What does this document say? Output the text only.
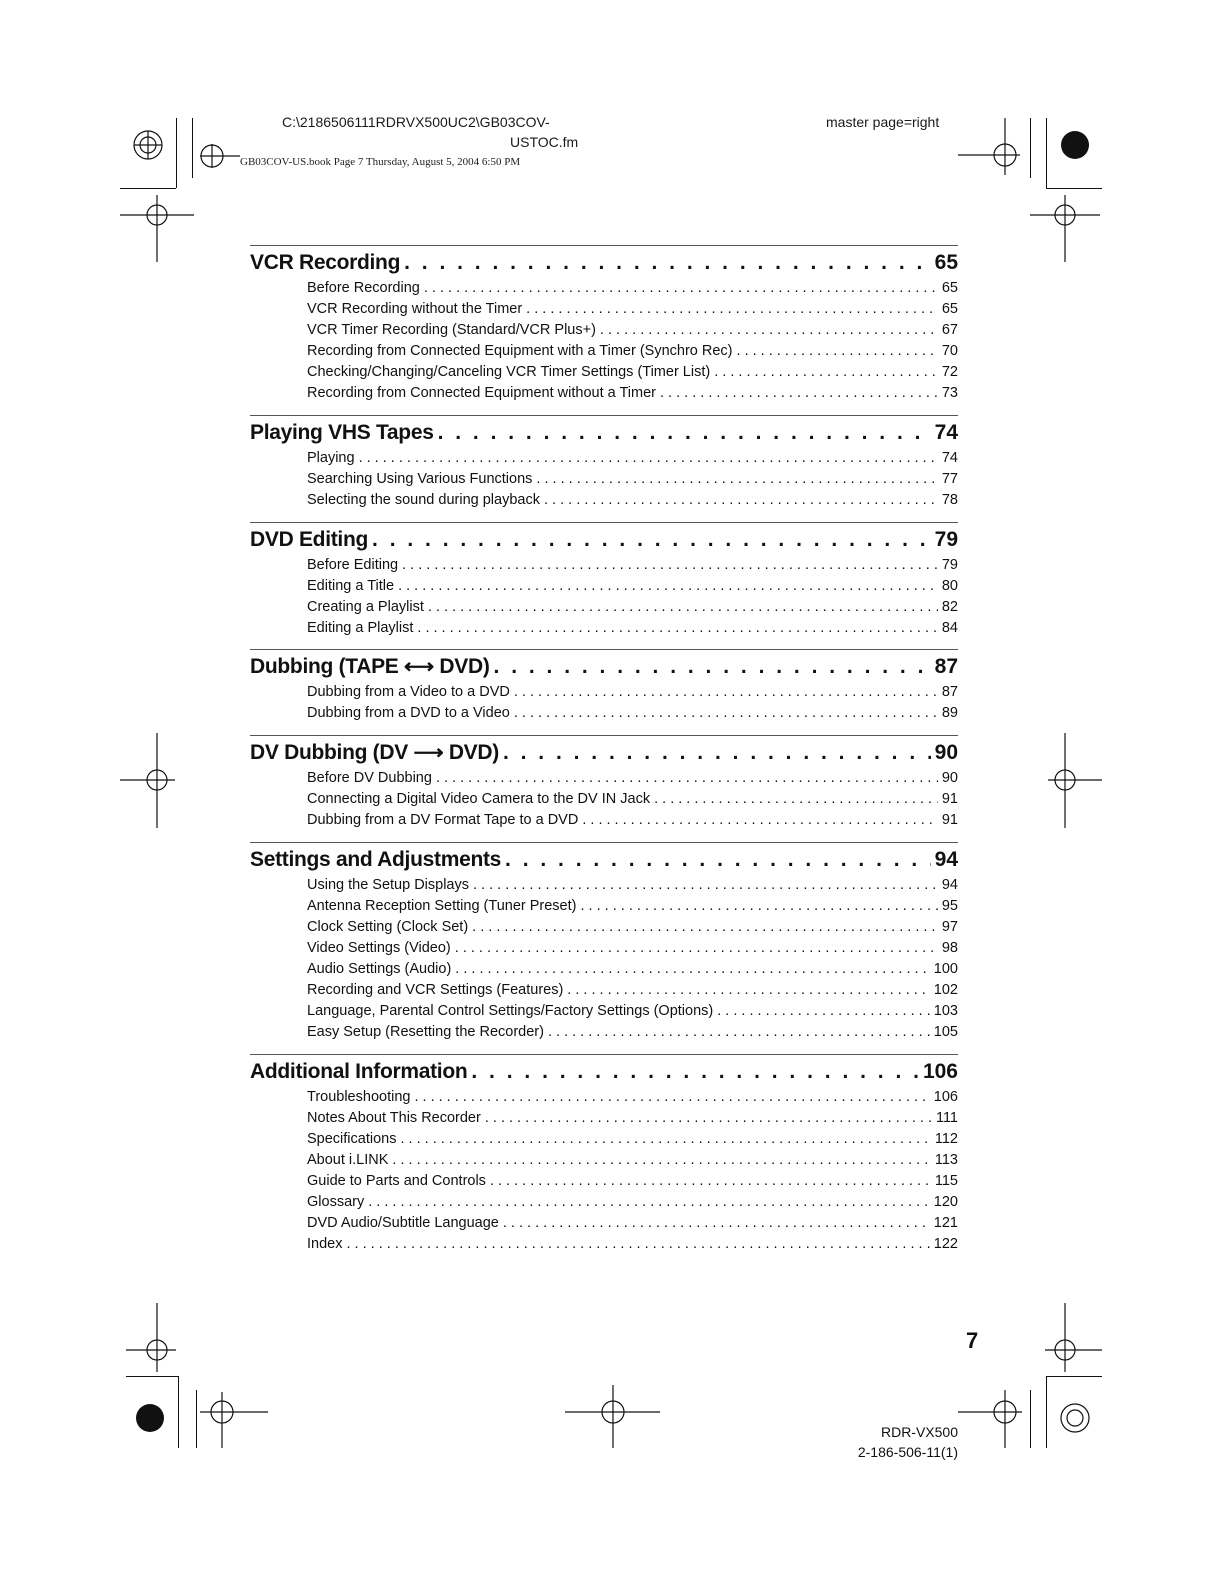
C:\2186506111RDRVX500UC2\GB03COV-
USTOC.fm
GB03COV-US.book Page 7 Thursday, August 5, 2004 6:50 PM
master page=right
VCR Recording . . .	65
Before Recording . . .	65
VCR Recording without the Timer . . .	65
VCR Timer Recording (Standard/VCR Plus+) . . .	67
Recording from Connected Equipment with a Timer (Synchro Rec) . . .	70
Checking/Changing/Canceling VCR Timer Settings (Timer List) . . .	72
Recording from Connected Equipment without a Timer . . .	73
Playing VHS Tapes . . .	74
Playing . . .	74
Searching Using Various Functions . . .	77
Selecting the sound during playback . . .	78
DVD Editing . . .	79
Before Editing . . .	79
Editing a Title . . .	80
Creating a Playlist . . .	82
Editing a Playlist . . .	84
Dubbing (TAPE ⟷ DVD) . . .	87
Dubbing from a Video to a DVD . . .	87
Dubbing from a DVD to a Video . . .	89
DV Dubbing (DV ⟶ DVD) . . .	90
Before DV Dubbing . . .	90
Connecting a Digital Video Camera to the DV IN Jack . . .	91
Dubbing from a DV Format Tape to a DVD . . .	91
Settings and Adjustments . . .	94
Using the Setup Displays . . .	94
Antenna Reception Setting (Tuner Preset) . . .	95
Clock Setting (Clock Set) . . .	97
Video Settings (Video) . . .	98
Audio Settings (Audio) . . .	100
Recording and VCR Settings (Features) . . .	102
Language, Parental Control Settings/Factory Settings (Options) . . .	103
Easy Setup (Resetting the Recorder) . . .	105
Additional Information . . .	106
Troubleshooting . . .	106
Notes About This Recorder . . .	111
Specifications . . .	112
About i.LINK . . .	113
Guide to Parts and Controls . . .	115
Glossary . . .	120
DVD Audio/Subtitle Language . . .	121
Index . . .	122
7
RDR-VX500
2-186-506-11(1)
